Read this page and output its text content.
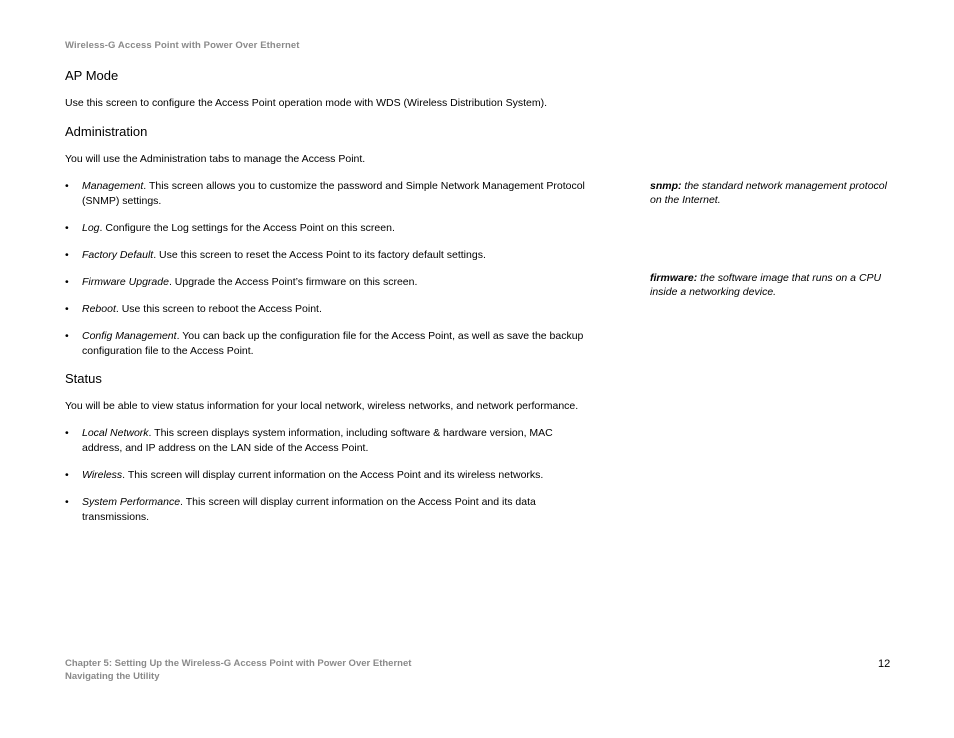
Wireless-G Access Point with Power Over Ethernet
AP Mode

Use this screen to configure the Access Point operation mode with WDS (Wireless Distribution System).

Administration

You will use the Administration tabs to manage the Access Point.

• Management. This screen allows you to customize the password and Simple Network Management Protocol (SNMP) settings.
• Log. Configure the Log settings for the Access Point on this screen.
• Factory Default. Use this screen to reset the Access Point to its factory default settings.
• Firmware Upgrade. Upgrade the Access Point’s firmware on this screen.
• Reboot. Use this screen to reboot the Access Point.
• Config Management. You can back up the configuration file for the Access Point, as well as save the backup configuration file to the Access Point.
Status

You will be able to view status information for your local network, wireless networks, and network performance.

• Local Network. This screen displays system information, including software & hardware version, MAC address, and IP address on the LAN side of the Access Point.
• Wireless. This screen will display current information on the Access Point and its wireless networks.
• System Performance. This screen will display current information on the Access Point and its data transmissions.
snmp: the standard network management protocol on the Internet.
firmware: the software image that runs on a CPU inside a networking device.
Chapter 5: Setting Up the Wireless-G Access Point with Power Over Ethernet
Navigating the Utility
12
